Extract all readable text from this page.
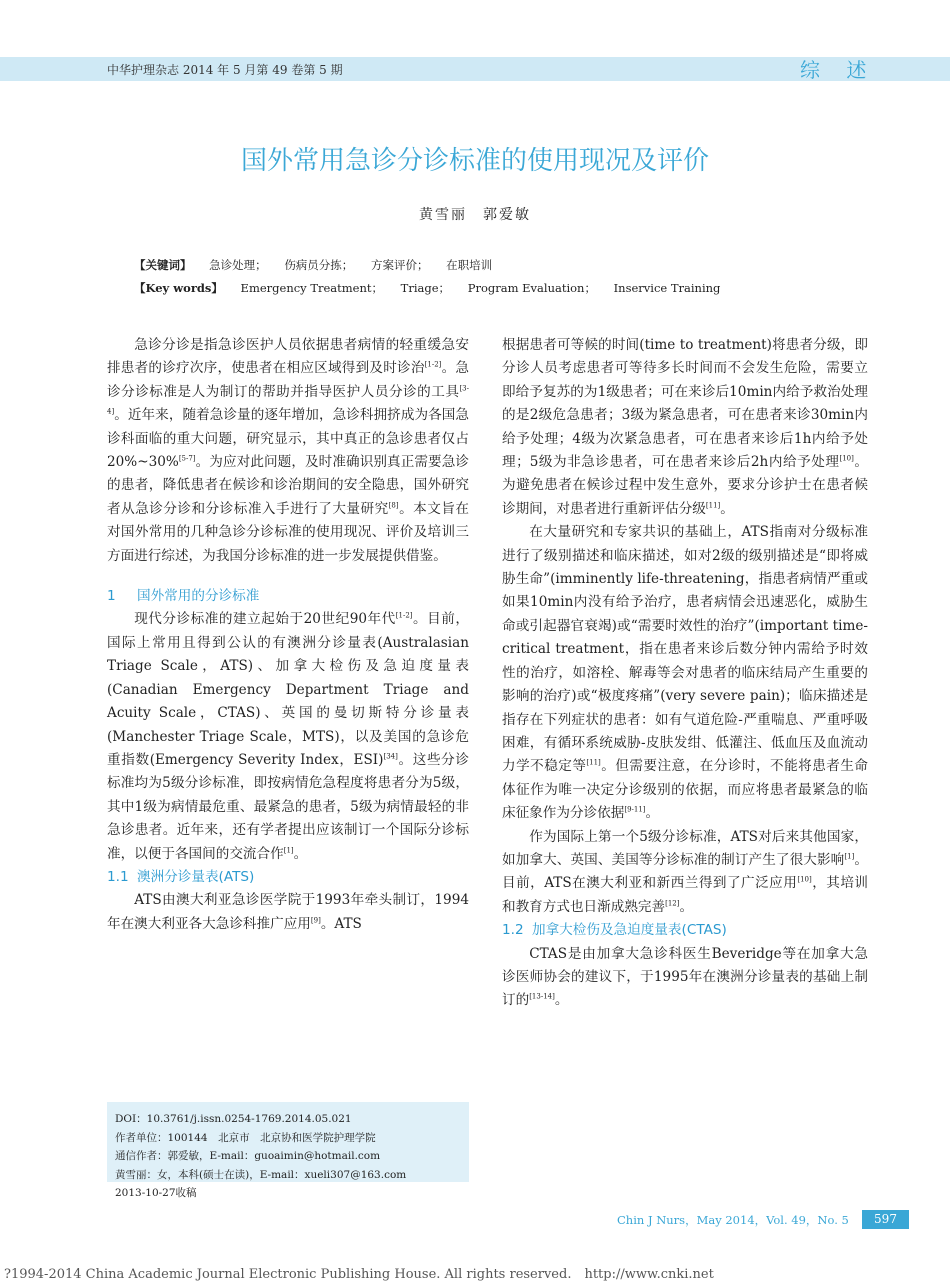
中华护理杂志 2014 年 5 月第 49 卷第 5 期	综 述
国外常用急诊分诊标准的使用现况及评价
黄雪丽　郭爱敏
【关键词】 急诊处理； 伤病员分拣； 方案评价； 在职培训
【Key words】 Emergency Treatment； Triage； Program Evaluation； Inservice Training

急诊分诊是指急诊医护人员依据患者病情的轻重缓急安排患者的诊疗次序，使患者在相应区域得到及时诊治[1-2]。急诊分诊标准是人为制订的帮助并指导医护人员分诊的工具[3-4]。近年来，随着急诊量的逐年增加，急诊科拥挤成为各国急诊科面临的重大问题，研究显示，其中真正的急诊患者仅占20%~30%[5-7]。为应对此问题，及时准确识别真正需要急诊的患者，降低患者在候诊和诊治期间的安全隐患，国外研究者从急诊分诊和分诊标准入手进行了大量研究[8]。本文旨在对国外常用的几种急诊分诊标准的使用现况、评价及培训三方面进行综述，为我国分诊标准的进一步发展提供借鉴。

1 国外常用的分诊标准

现代分诊标准的建立起始于20世纪90年代[1-2]。目前，国际上常用且得到公认的有澳洲分诊量表(Australasian Triage Scale，ATS)、加拿大检伤及急迫度量表(Canadian Emergency Department Triage and Acuity Scale，CTAS)、英国的曼切斯特分诊量表(Manchester Triage Scale，MTS)，以及美国的急诊危重指数(Emergency Severity Index，ESI)[34]。这些分诊标准均为5级分诊标准，即按病情危急程度将患者分为5级，其中1级为病情最危重、最紧急的患者，5级为病情最轻的非急诊患者。近年来，还有学者提出应该制订一个国际分诊标准，以便于各国间的交流合作[1]。

1.1 澳洲分诊量表(ATS)

ATS由澳大利亚急诊医学院于1993年牵头制订，1994年在澳大利亚各大急诊科推广应用[9]。ATS

DOI：10.3761/j.issn.0254-1769.2014.05.021
作者单位：100144　北京市　北京协和医学院护理学院
通信作者：郭爱敏，E-mail：guoaimin@hotmail.com
黄雪丽：女，本科(硕士在读)，E-mail：xueli307@163.com
2013-10-27收稿

根据患者可等候的时间(time to treatment)将患者分级，即分诊人员考虑患者可等待多长时间而不会发生危险，需要立即给予复苏的为1级患者；可在来诊后10min内给予救治处理的是2级危急患者；3级为紧急患者，可在患者来诊30min内给予处理；4级为次紧急患者，可在患者来诊后1h内给予处理；5级为非急诊患者，可在患者来诊后2h内给予处理[10]。为避免患者在候诊过程中发生意外，要求分诊护士在患者候诊期间，对患者进行重新评估分级[11]。

在大量研究和专家共识的基础上，ATS指南对分级标准进行了级别描述和临床描述，如对2级的级别描述是“即将威胁生命”(imminently life-threatening，指患者病情严重或如果10min内没有给予治疗，患者病情会迅速恶化，威胁生命或引起器官衰竭)或“需要时效性的治疗”(important time-critical treatment，指在患者来诊后数分钟内需给予时效性的治疗，如溶栓、解毒等会对患者的临床结局产生重要的影响的治疗)或“极度疼痛”(very severe pain)；临床描述是指存在下列症状的患者：如有气道危险-严重喘息、严重呼吸困难，有循环系统威胁-皮肤发绀、低灌注、低血压及血流动力学不稳定等[11]。但需要注意，在分诊时，不能将患者生命体征作为唯一决定分诊级别的依据，而应将患者最紧急的临床征象作为分诊依据[9-11]。

作为国际上第一个5级分诊标准，ATS对后来其他国家，如加拿大、英国、美国等分诊标准的制订产生了很大影响[1]。目前，ATS在澳大利亚和新西兰得到了广泛应用[10]，其培训和教育方式也日渐成熟完善[12]。

1.2 加拿大检伤及急迫度量表(CTAS)

CTAS是由加拿大急诊科医生Beveridge等在加拿大急诊医师协会的建议下，于1995年在澳洲分诊量表的基础上制订的[13-14]。

Chin J Nurs，May 2014，Vol. 49，No. 5	597
?1994-2014 China Academic Journal Electronic Publishing House. All rights reserved.　http://www.cnki.net
